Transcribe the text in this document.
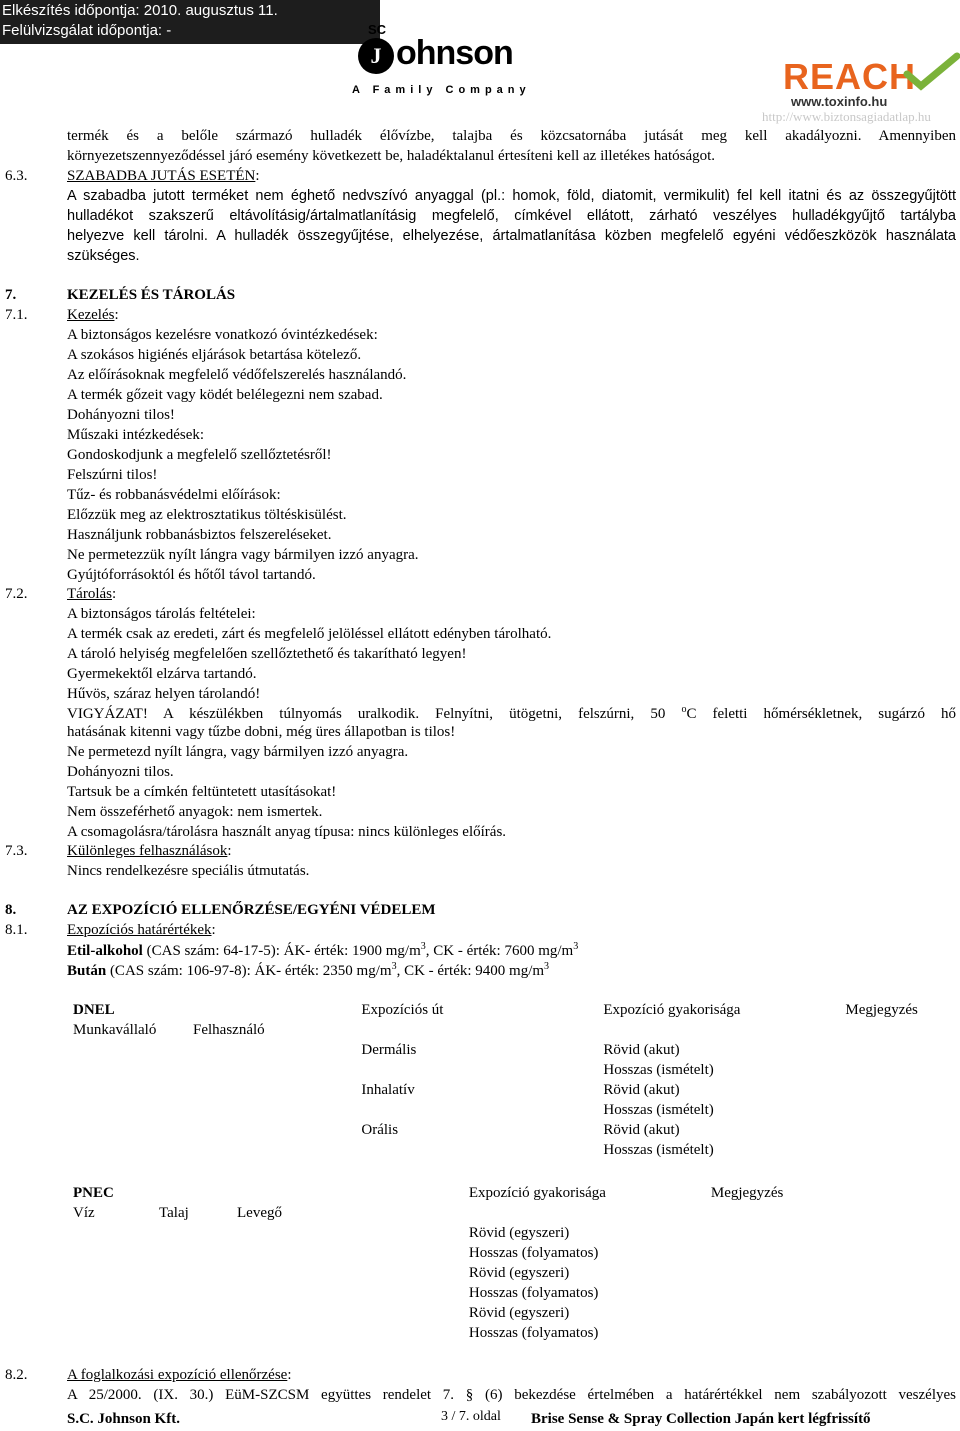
Elkészítés időpontja: 2010. augusztus 11.
Felülvizsgálat időpontja: -
J
SC
ohnson
A Family Company	REACH
www.toxinfo.hu
http://www.biztonsagiadatlap.hu
termék és a belőle származó hulladék élővízbe, talajba és közcsatornába jutását meg kell akadályozni. Amennyiben
környezetszennyeződéssel járó esemény következett be, haladéktalanul értesíteni kell az illetékes hatóságot.
6.3.	SZABADBA JUTÁS ESETÉN:
A szabadba jutott terméket nem éghető nedvszívó anyaggal (pl.: homok, föld, diatomit, vermikulit) fel kell itatni és az összegyűjtött
hulladékot szakszerű eltávolításig/ártalmatlanításig megfelelő, címkével ellátott, zárható veszélyes hulladékgyűjtő tartályba
helyezve kell tárolni. A hulladék összegyűjtése, elhelyezése, ártalmatlanítása közben megfelelő egyéni védőeszközök használata
szükséges.
7.	KEZELÉS ÉS TÁROLÁS
7.1.	Kezelés:
A biztonságos kezelésre vonatkozó óvintézkedések:
A szokásos higiénés eljárások betartása kötelező.
Az előírásoknak megfelelő védőfelszerelés használandó.
A termék gőzeit vagy ködét belélegezni nem szabad.
Dohányozni tilos!
Műszaki intézkedések:
Gondoskodjunk a megfelelő szellőztetésről!
Felszúrni tilos!
Tűz- és robbanásvédelmi előírások:
Előzzük meg az elektrosztatikus töltéskisülést.
Használjunk robbanásbiztos felszereléseket.
Ne permetezzük nyílt lángra vagy bármilyen izzó anyagra.
Gyújtóforrásoktól és hőtől távol tartandó.
7.2.	Tárolás:
A biztonságos tárolás feltételei:
A termék csak az eredeti, zárt és megfelelő jelöléssel ellátott edényben tárolható.
A tároló helyiség megfelelően szellőztethető és takarítható legyen!
Gyermekektől elzárva tartandó.
Hűvös, száraz helyen tárolandó!
VIGYÁZAT! A készülékben túlnyomás uralkodik. Felnyítni, ütögetni, felszúrni, 50 $^o$C feletti hőmérsékletnek, sugárzó hő
hatásának kitenni vagy tűzbe dobni, még üres állapotban is tilos!
Ne permetezd nyílt lángra, vagy bármilyen izzó anyagra.
Dohányozni tilos.
Tartsuk be a címkén feltüntetett utasításokat!
Nem összeférhető anyagok: nem ismertek.
A csomagolásra/tárolásra használt anyag típusa: nincs különleges előírás.
7.3.	Különleges felhasználások:
Nincs rendelkezésre speciális útmutatás.
8.	AZ EXPOZÍCIÓ ELLENŐRZÉSE/EGYÉNI VÉDELEM
8.1.	Expozíciós határértékek:
Etil-alkohol (CAS szám: 64-17-5): ÁK- érték: 1900 $mg/m^3$, CK - érték: 7600 $mg/m^3$
Bután (CAS szám: 106-97-8): ÁK- érték: 2350 $mg/m^3$, CK - érték: 9400 $mg/m^3$
DNEL		Expozíciós út	Expozíció gyakorisága	Megjegyzés
Munkavállaló	Felhasználó			
		Dermális	Rövid (akut)
Hosszas (ismételt)	

		Inhalatív	Rövid (akut)
Hosszas (ismételt)	

		Orális	Rövid (akut)
Hosszas (ismételt)	

PNEC			Expozíció gyakorisága	Megjegyzés
Víz	Talaj	Levegő		

			Rövid (egyszeri)
Hosszas (folyamatos)	

			Rövid (egyszeri)
Hosszas (folyamatos)	

			Rövid (egyszeri)
Hosszas (folyamatos)	

8.2.	A foglalkozási expozíció ellenőrzése:
A 25/2000. (IX. 30.) EüM-SZCSM együttes rendelet 7. § (6) bekezdése értelmében a határértékkel nem szabályozott veszélyes
S.C. Johnson Kft.	3 / 7. oldal Brise Sense & Spray Collection Japán kert légfrissítő
